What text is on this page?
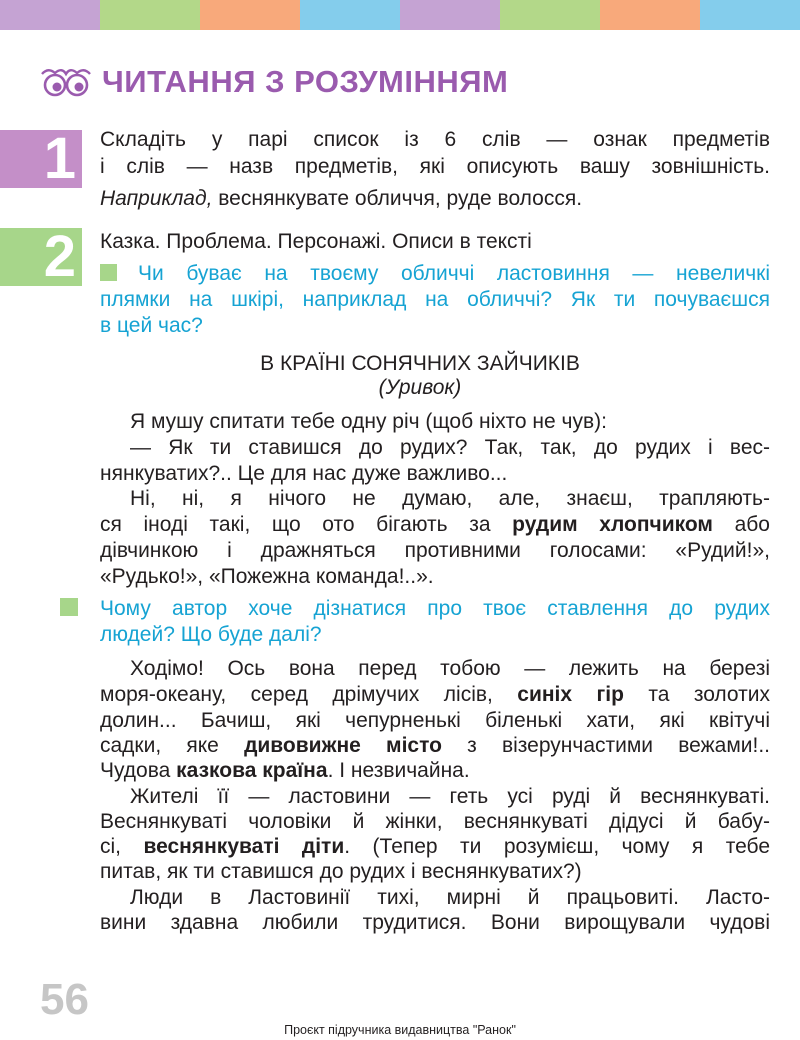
ЧИТАННЯ З РОЗУМІННЯМ
1 Складіть у парі список із 6 слів — ознак предметів
і слів — назв предметів, які описують вашу зовнішність.
Наприклад, веснянкувате обличчя, руде волосся.
2 Казка. Проблема. Персонажі. Описи в тексті
Чи буває на твоєму обличчі ластовиння — невеличкі
плямки на шкірі, наприклад на обличчі? Як ти почуваєшся
в цей час?
В КРАЇНІ СОНЯЧНИХ ЗАЙЧИКІВ
(Уривок)
Я мушу спитати тебе одну річ (щоб ніхто не чув):
— Як ти ставишся до рудих? Так, так, до рудих і вес-
нянкуватих?.. Це для нас дуже важливо...
Ні, ні, я нічого не думаю, але, знаєш, трапляють-
ся іноді такі, що ото бігають за рудим хлопчиком або
дівчинкою і дражняться противними голосами: «Рудий!»,
«Рудько!», «Пожежна команда!..».
Чому автор хоче дізнатися про твоє ставлення до рудих
людей? Що буде далі?
Ходімо! Ось вона перед тобою — лежить на березі
моря-океану, серед дрімучих лісів, синіх гір та золотих
долин... Бачиш, які чепурненькі біленькі хати, які квітучі
садки, яке дивовижне місто з візерунчастими вежами!..
Чудова казкова країна. І незвичайна.
Жителі її — ластовини — геть усі руді й веснянкуваті.
Веснянкуваті чоловіки й жінки, веснянкуваті дідусі й бабу-
сі, веснянкуваті діти. (Тепер ти розумієш, чому я тебе
питав, як ти ставишся до рудих і веснянкуватих?)
Люди в Ластовинії тихі, мирні й працьовиті. Ласто-
вини здавна любили трудитися. Вони вирощували чудові
56
Проєкт підручника видавництва "Ранок"
